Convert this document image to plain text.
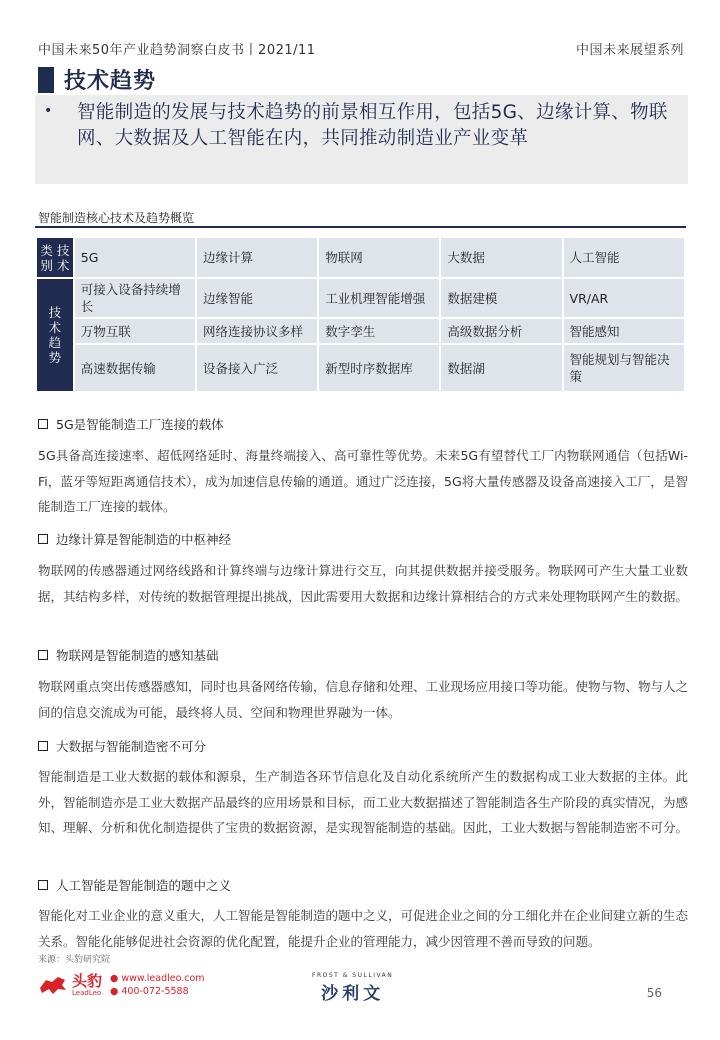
中国未来50年产业趋势洞察白皮书丨2021/11	中国未来展望系列
技术趋势
• 智能制造的发展与技术趋势的前景相互作用，包括5G、边缘计算、物联网、大数据及人工智能在内，共同推动制造业产业变革
智能制造核心技术及趋势概览
类 技
别 术	5G	边缘计算	物联网	大数据	人工智能

技
术
趋
势	可接入设备持续增长	边缘智能	工业机理智能增强	数据建模	VR/AR
	万物互联	网络连接协议多样	数字孪生	高级数据分析	智能感知
	高速数据传输	设备接入广泛	新型时序数据库	数据湖	智能规划与智能决策
5G是智能制造工厂连接的载体
5G具备高连接速率、超低网络延时、海量终端接入、高可靠性等优势。未来5G有望替代工厂内物联网通信（包括Wi-Fi，蓝牙等短距离通信技术），成为加速信息传输的通道。通过广泛连接，5G将大量传感器及设备高速接入工厂，是智能制造工厂连接的载体。
边缘计算是智能制造的中枢神经
物联网的传感器通过网络线路和计算终端与边缘计算进行交互，向其提供数据并接受服务。物联网可产生大量工业数据，其结构多样，对传统的数据管理提出挑战，因此需要用大数据和边缘计算相结合的方式来处理物联网产生的数据。
物联网是智能制造的感知基础
物联网重点突出传感器感知，同时也具备网络传输，信息存储和处理、工业现场应用接口等功能。使物与物、物与人之间的信息交流成为可能，最终将人员、空间和物理世界融为一体。
大数据与智能制造密不可分
智能制造是工业大数据的载体和源泉，生产制造各环节信息化及自动化系统所产生的数据构成工业大数据的主体。此外，智能制造亦是工业大数据产品最终的应用场景和目标，而工业大数据描述了智能制造各生产阶段的真实情况，为感知、理解、分析和优化制造提供了宝贵的数据资源，是实现智能制造的基础。因此，工业大数据与智能制造密不可分。
人工智能是智能制造的题中之义
智能化对工业企业的意义重大，人工智能是智能制造的题中之义，可促进企业之间的分工细化并在企业间建立新的生态关系。智能化能够促进社会资源的优化配置，能提升企业的管理能力，减少因管理不善而导致的问题。
来源：头豹研究院
头豹
LeadLeo
● www.leadleo.com
● 400-072-5588
FROST & SULLIVAN
沙利文	56
